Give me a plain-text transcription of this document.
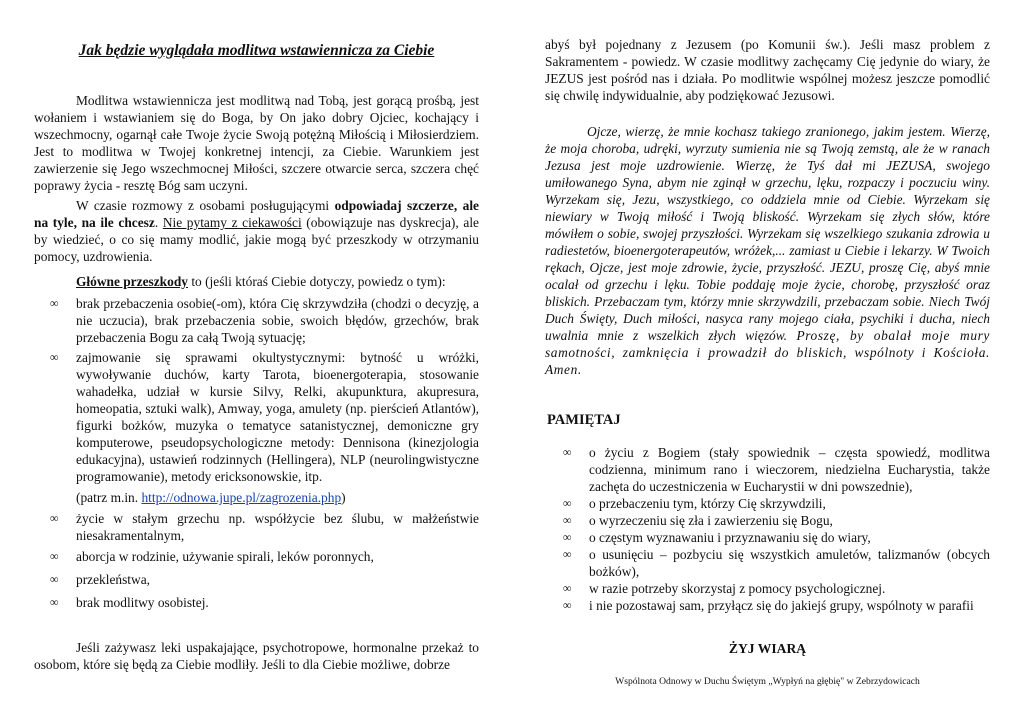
Jak będzie wyglądała modlitwa wstawiennicza za Ciebie

Modlitwa wstawiennicza jest modlitwą nad Tobą, jest gorącą prośbą, jest wołaniem i wstawianiem się do Boga, by On jako dobry Ojciec, kochający i wszechmocny, ogarnął całe Twoje życie Swoją potężną Miłością i Miłosierdziem. Jest to modlitwa w Twojej konkretnej intencji, za Ciebie. Warunkiem jest zawierzenie się Jego wszechmocnej Miłości, szczere otwarcie serca, szczera chęć poprawy życia - resztę Bóg sam uczyni.

W czasie rozmowy z osobami posługującymi odpowiadaj szczerze, ale na tyle, na ile chcesz. Nie pytamy z ciekawości (obowiązuje nas dyskrecja), ale by wiedzieć, o co się mamy modlić, jakie mogą być przeszkody w otrzymaniu pomocy, uzdrowienia.

Główne przeszkody to (jeśli któraś Ciebie dotyczy, powiedz o tym):

∞ brak przebaczenia osobie(-om), która Cię skrzywdziła (chodzi o decyzję, a nie uczucia), brak przebaczenia sobie, swoich błędów, grzechów, brak przebaczenia Bogu za całą Twoją sytuację;
∞ zajmowanie się sprawami okultystycznymi: bytność u wróżki, wywoływanie duchów, karty Tarota, bioenergoterapia, stosowanie wahadełka, udział w kursie Silvy, Relki, akupunktura, akupresura, homeopatia, sztuki walk), Amway, yoga, amulety (np. pierścień Atlantów), figurki bożków, muzyka o tematyce satanistycznej, demoniczne gry komputerowe, pseudopsychologiczne metody: Dennisona (kinezjologia edukacyjna), ustawień rodzinnych (Hellingera), NLP (neurolingwistyczne programowanie), metody ericksonowskie, itp.
(patrz m.in. http://odnowa.jupe.pl/zagrozenia.php)
∞ życie w stałym grzechu np. współżycie bez ślubu, w małżeństwie niesakramentalnym,
∞ aborcja w rodzinie, używanie spirali, leków poronnych,
∞ przekleństwa,
∞ brak modlitwy osobistej.

Jeśli zażywasz leki uspakajające, psychotropowe, hormonalne przekaż to osobom, które się będą za Ciebie modliły. Jeśli to dla Ciebie możliwe, dobrze

abyś był pojednany z Jezusem (po Komunii św.). Jeśli masz problem z Sakramentem - powiedz. W czasie modlitwy zachęcamy Cię jedynie do wiary, że JEZUS jest pośród nas i działa. Po modlitwie wspólnej możesz jeszcze pomodlić się chwilę indywidualnie, aby podziękować Jezusowi.

Ojcze, wierzę, że mnie kochasz takiego zranionego, jakim jestem. Wierzę, że moja choroba, udręki, wyrzuty sumienia nie są Twoją zemstą, ale że w ranach Jezusa jest moje uzdrowienie. Wierzę, że Tyś dał mi JEZUSA, swojego umiłowanego Syna, abym nie zginął w grzechu, lęku, rozpaczy i poczuciu winy. Wyrzekam się, Jezu, wszystkiego, co oddziela mnie od Ciebie. Wyrzekam się niewiary w Twoją miłość i Twoją bliskość. Wyrzekam się złych słów, które mówiłem o sobie, swojej przyszłości. Wyrzekam się wszelkiego szukania zdrowia u radiestetów, bioenergoterapeutów, wróżek,... zamiast u Ciebie i lekarzy. W Twoich rękach, Ojcze, jest moje zdrowie, życie, przyszłość. JEZU, proszę Cię, abyś mnie ocalał od grzechu i lęku. Tobie poddaję moje życie, chorobę, przyszłość oraz bliskich. Przebaczam tym, którzy mnie skrzywdzili, przebaczam sobie. Niech Twój Duch Święty, Duch miłości, nasyca rany mojego ciała, psychiki i ducha, niech uwalnia mnie z wszelkich złych więzów. Proszę, by obalał moje mury samotności, zamknięcia i prowadził do bliskich, wspólnoty i Kościoła. Amen.

PAMIĘTAJ
∞ o życiu z Bogiem (stały spowiednik – częsta spowiedź, modlitwa codzienna, minimum rano i wieczorem, niedzielna Eucharystia, także zachęta do uczestniczenia w Eucharystii w dni powszednie),
∞ o przebaczeniu tym, którzy Cię skrzywdzili,
∞ o wyrzeczeniu się zła i zawierzeniu się Bogu,
∞ o częstym wyznawaniu i przyznawaniu się do wiary,
∞ o usunięciu – pozbyciu się wszystkich amuletów, talizmanów (obcych bożków),
∞ w razie potrzeby skorzystaj z pomocy psychologicznej.
∞ i nie pozostawaj sam, przyłącz się do jakiejś grupy, wspólnoty w parafii
ŻYJ WIARĄ
Wspólnota Odnowy w Duchu Świętym „Wypłyń na głębię" w Zebrzydowicach
